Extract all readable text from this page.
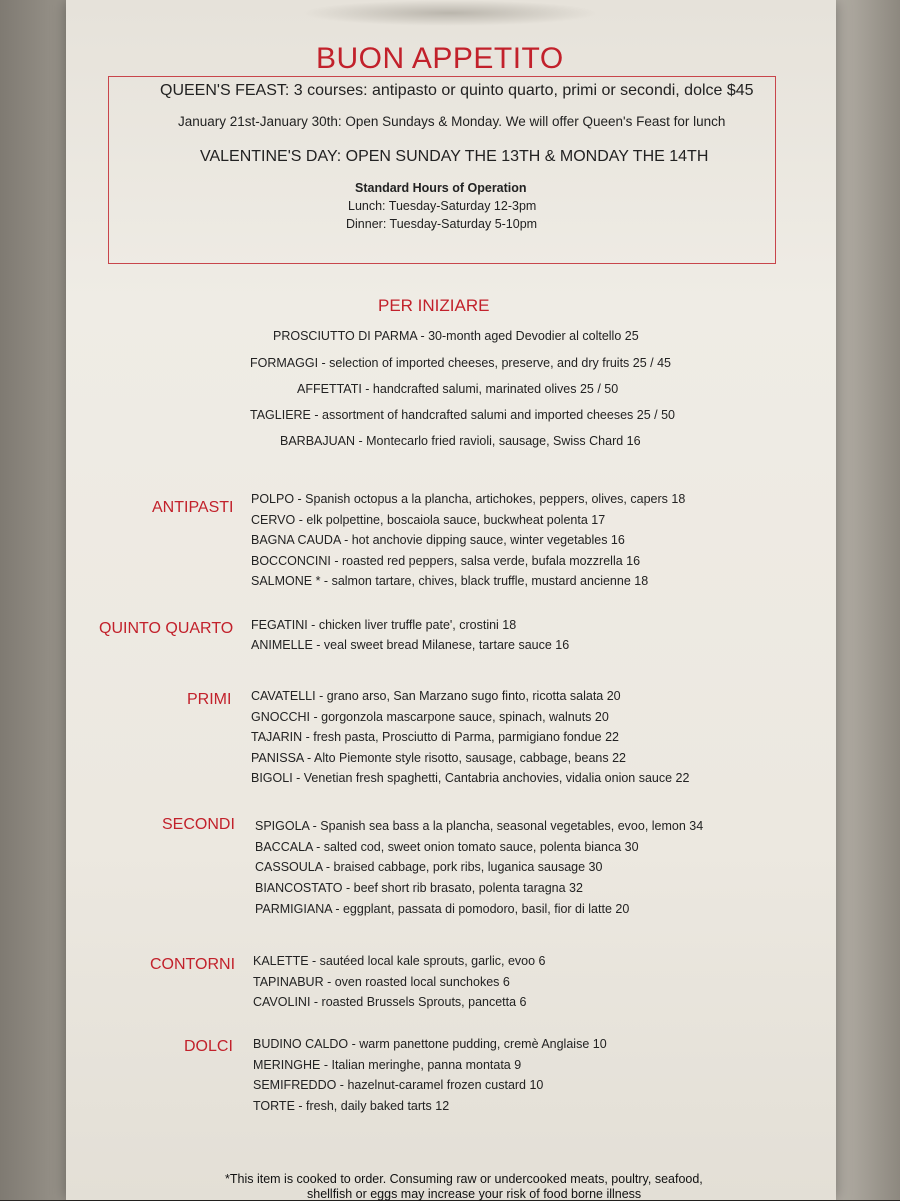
BUON APPETITO
QUEEN'S FEAST: 3 courses: antipasto or quinto quarto, primi or secondi, dolce $45
January 21st-January 30th: Open Sundays & Monday. We will offer Queen's Feast for lunch
VALENTINE'S DAY: OPEN SUNDAY THE 13TH & MONDAY THE 14TH
Standard Hours of Operation
Lunch: Tuesday-Saturday 12-3pm
Dinner: Tuesday-Saturday 5-10pm
PER INIZIARE
PROSCIUTTO DI PARMA - 30-month aged Devodier al coltello 25
FORMAGGI - selection of imported cheeses, preserve, and dry fruits 25 / 45
AFFETTATI - handcrafted salumi, marinated olives 25 / 50
TAGLIERE - assortment of handcrafted salumi and imported cheeses 25 / 50
BARBAJUAN - Montecarlo fried ravioli, sausage, Swiss Chard 16
ANTIPASTI POLPO - Spanish octopus a la plancha, artichokes, peppers, olives, capers 18
CERVO - elk polpettine, boscaiola sauce, buckwheat polenta 17
BAGNA CAUDA - hot anchovie dipping sauce, winter vegetables 16
BOCCONCINI - roasted red peppers, salsa verde, bufala mozzrella 16
SALMONE * - salmon tartare, chives, black truffle, mustard ancienne 18
QUINTO QUARTO FEGATINI - chicken liver truffle pate', crostini 18
ANIMELLE - veal sweet bread Milanese, tartare sauce 16
PRIMI CAVATELLI - grano arso, San Marzano sugo finto, ricotta salata 20
GNOCCHI - gorgonzola mascarpone sauce, spinach, walnuts 20
TAJARIN - fresh pasta, Prosciutto di Parma, parmigiano fondue 22
PANISSA - Alto Piemonte style risotto, sausage, cabbage, beans 22
BIGOLI - Venetian fresh spaghetti, Cantabria anchovies, vidalia onion sauce 22
SECONDI SPIGOLA - Spanish sea bass a la plancha, seasonal vegetables, evoo, lemon 34
BACCALA - salted cod, sweet onion tomato sauce, polenta bianca 30
CASSOULA - braised cabbage, pork ribs, luganica sausage 30
BIANCOSTATO - beef short rib brasato, polenta taragna 32
PARMIGIANA - eggplant, passata di pomodoro, basil, fior di latte 20
CONTORNI KALETTE - sautéed local kale sprouts, garlic, evoo 6
TAPINABUR - oven roasted local sunchokes 6
CAVOLINI - roasted Brussels Sprouts, pancetta 6
DOLCI BUDINO CALDO - warm panettone pudding, cremè Anglaise 10
MERINGHE - Italian meringhe, panna montata 9
SEMIFREDDO - hazelnut-caramel frozen custard 10
TORTE - fresh, daily baked tarts 12
*This item is cooked to order. Consuming raw or undercooked meats, poultry, seafood,
shellfish or eggs may increase your risk of food borne illness
